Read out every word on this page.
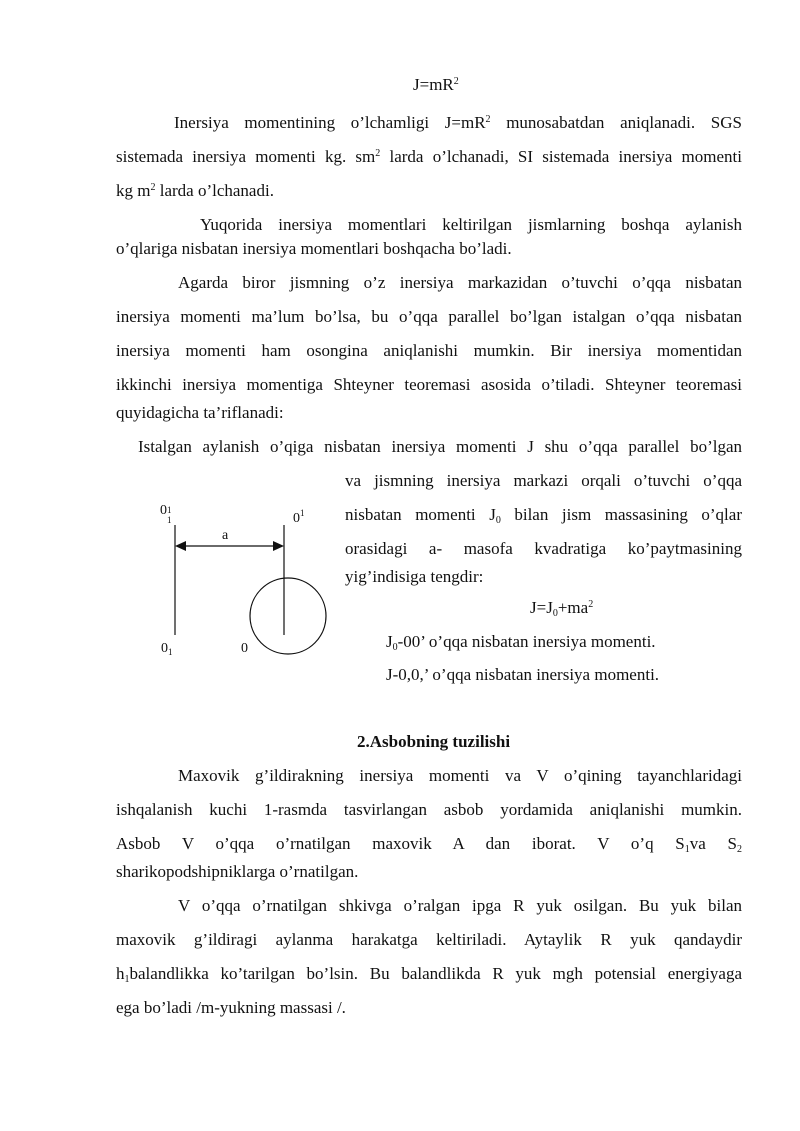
$J=mR^2$
Inersiya momentining o’lchamligi $J=mR^2$ munosabatdan aniqlanadi. SGS
sistemada inersiya momenti kg. $sm^2$ larda o’lchanadi, SI sistemada inersiya momenti
kg $m^2$ larda o’lchanadi.
Yuqorida inersiya momentlari keltirilgan jismlarning boshqa aylanish
o’qlariga nisbatan inersiya momentlari boshqacha bo’ladi.
Agarda biror jismning o’z inersiya markazidan o’tuvchi o’qqa nisbatan
inersiya momenti ma’lum bo’lsa, bu o’qqa parallel bo’lgan istalgan o’qqa nisbatan
inersiya momenti ham osongina aniqlanishi mumkin. Bir inersiya momentidan
ikkinchi inersiya momentiga Shteyner teoremasi asosida o’tiladi. Shteyner teoremasi
quyidagicha ta’riflanadi:
Istalgan aylanish o’qiga nisbatan inersiya momenti J shu o’qqa parallel bo’lgan
va jismning inersiya markazi orqali o’tuvchi o’qqa
nisbatan momenti $J_0$ bilan jism massasining o’qlar
orasidagi a- masofa kvadratiga ko’paytmasining
yig’indisiga tengdir:
$J=J_0+ma^2$
$J_0-00$’ o’qqa nisbatan inersiya momenti.
J-0,0,’ o’qqa nisbatan inersiya momenti.
0 1
1	$0^1$
a
$0_1$	0
2.Asbobning tuzilishi
Maxovik g’ildirakning inersiya momenti va V o’qining tayanchlaridagi
ishqalanish kuchi 1-rasmda tasvirlangan asbob yordamida aniqlanishi mumkin.
Asbob V o’qqa o’rnatilgan maxovik A dan iborat. V o’q $S_1va$ $S_2$
sharikopodshipniklarga o’rnatilgan.
V o’qqa o’rnatilgan shkivga o’ralgan ipga R yuk osilgan. Bu yuk bilan
maxovik g’ildiragi aylanma harakatga keltiriladi. Aytaylik R yuk qandaydir
$h_1balandlikka$ ko’tarilgan bo’lsin. Bu balandlikda R yuk mgh potensial energiyaga
ega bo’ladi /m-yukning massasi /.
